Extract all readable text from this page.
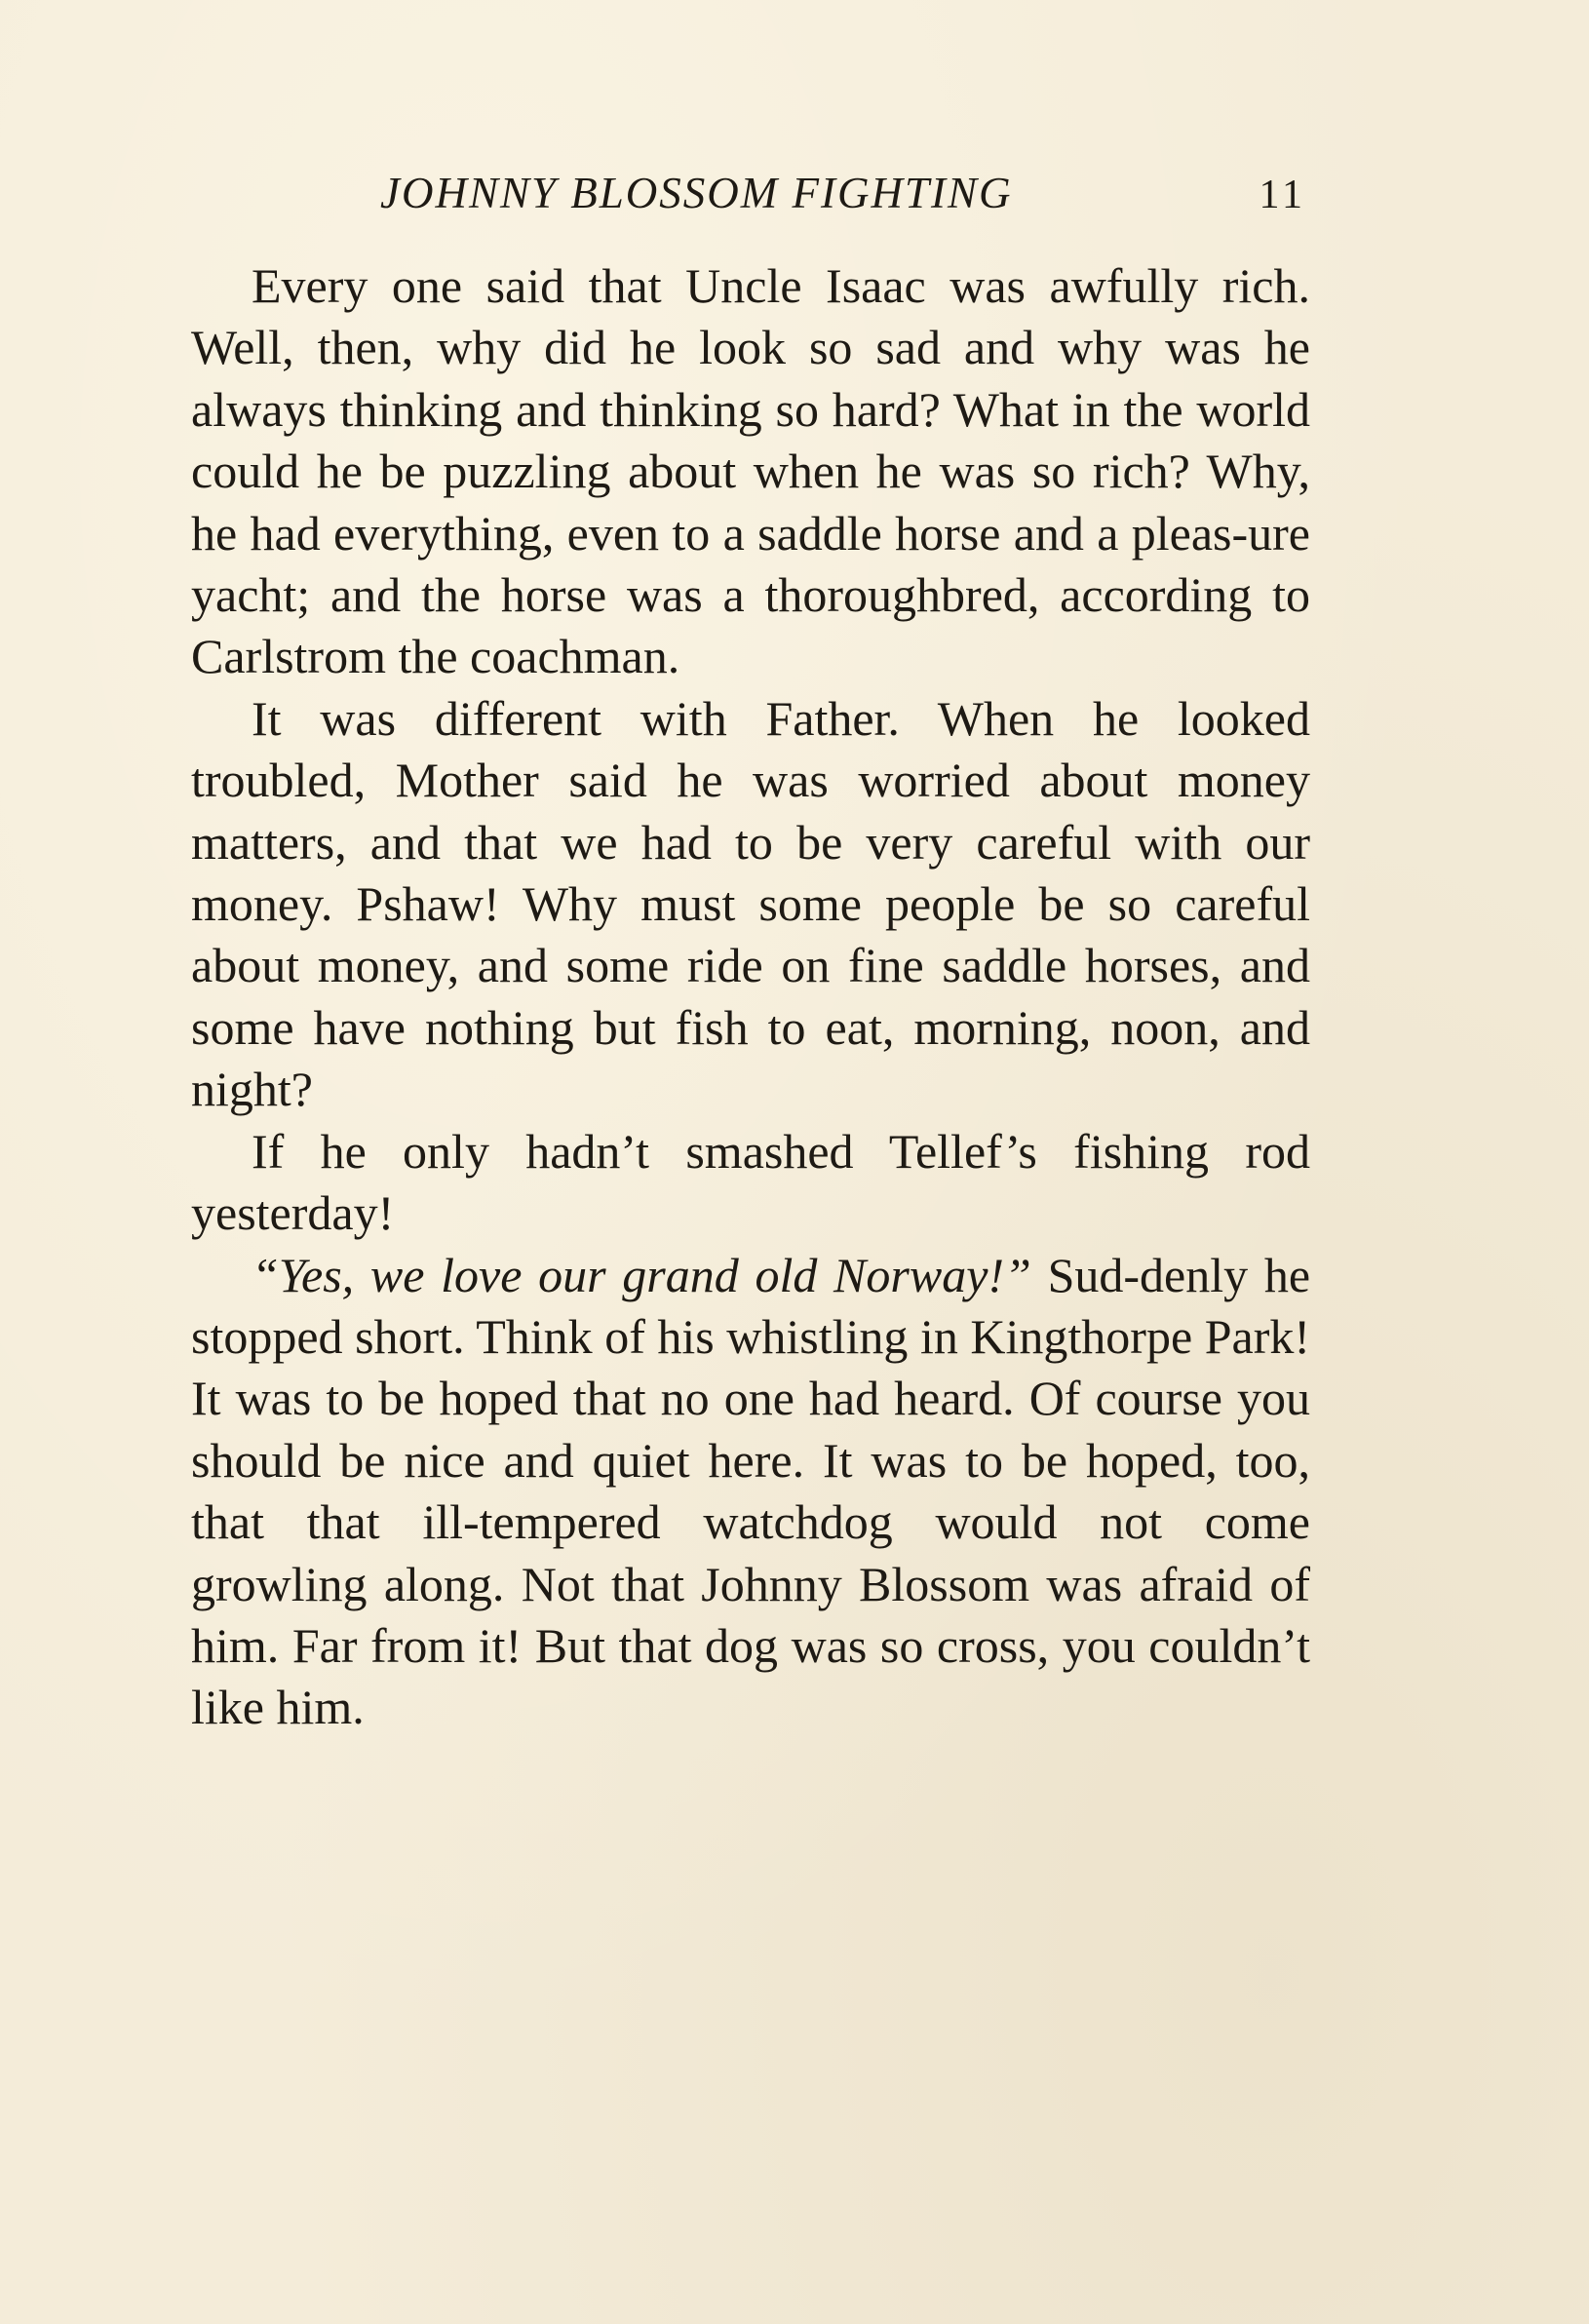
JOHNNY BLOSSOM FIGHTING	11

Every one said that Uncle Isaac was awfully rich. Well, then, why did he look so sad and why was he always thinking and thinking so hard? What in the world could he be puzzling about when he was so rich? Why, he had everything, even to a saddle horse and a pleas-ure yacht; and the horse was a thoroughbred, according to Carlstrom the coachman.

It was different with Father. When he looked troubled, Mother said he was worried about money matters, and that we had to be very careful with our money. Pshaw! Why must some people be so careful about money, and some ride on fine saddle horses, and some have nothing but fish to eat, morning, noon, and night?

If he only hadn’t smashed Tellef’s fishing rod yesterday!

“Yes, we love our grand old Norway!” Sud-denly he stopped short. Think of his whistling in Kingthorpe Park! It was to be hoped that no one had heard. Of course you should be nice and quiet here. It was to be hoped, too, that that ill-tempered watchdog would not come growling along. Not that Johnny Blossom was afraid of him. Far from it! But that dog was so cross, you couldn’t like him.
